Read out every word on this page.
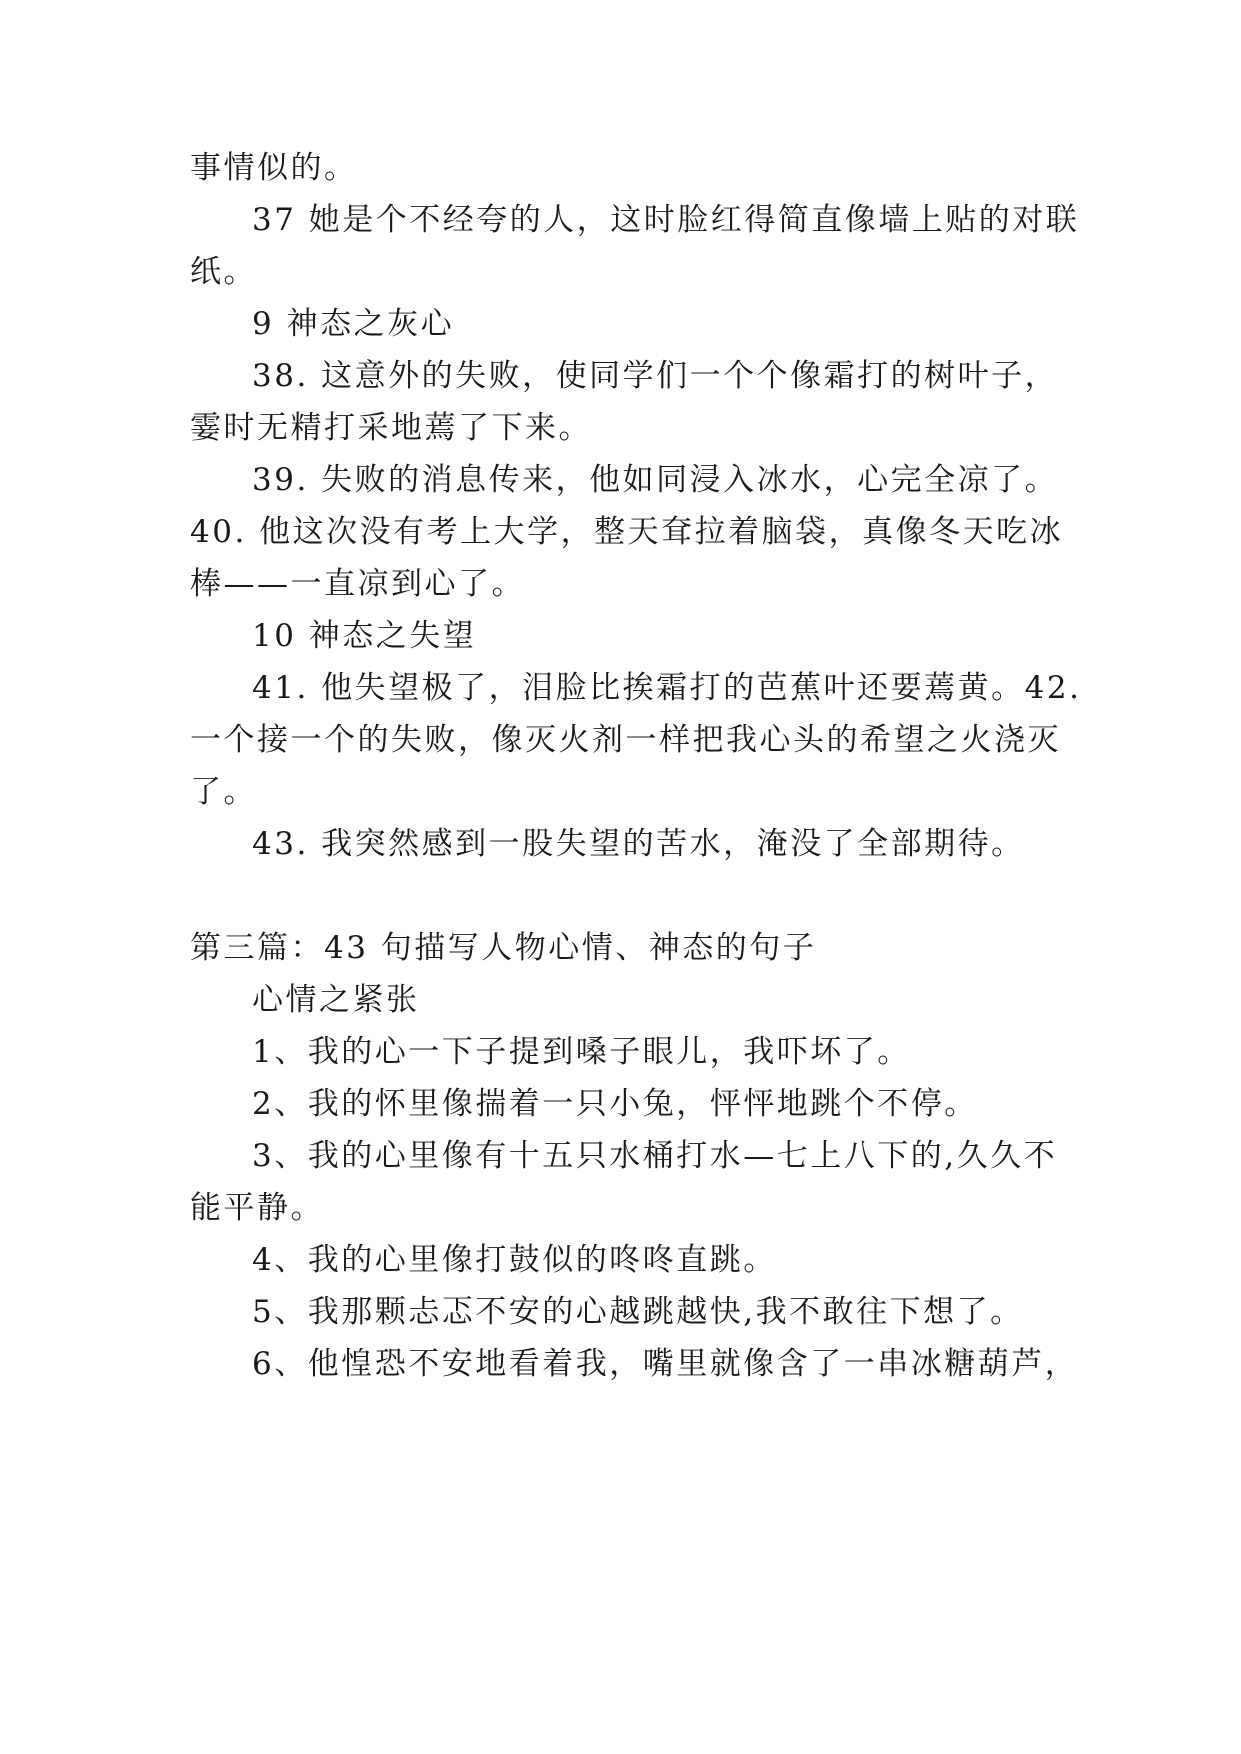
事情似的。

37 她是个不经夸的人，这时脸红得简直像墙上贴的对联

纸。

9 神态之灰心

38. 这意外的失败，使同学们一个个像霜打的树叶子，

霎时无精打采地蔫了下来。

39. 失败的消息传来，他如同浸入冰水，心完全凉了。

40. 他这次没有考上大学，整天耷拉着脑袋，真像冬天吃冰

棒——一直凉到心了。

10 神态之失望

41. 他失望极了，泪脸比挨霜打的芭蕉叶还要蔫黄。42.

一个接一个的失败，像灭火剂一样把我心头的希望之火浇灭

了。

43. 我突然感到一股失望的苦水，淹没了全部期待。

第三篇：43 句描写人物心情、神态的句子

心情之紧张

1、我的心一下子提到嗓子眼儿，我吓坏了。

2、我的怀里像揣着一只小兔，怦怦地跳个不停。

3、我的心里像有十五只水桶打水—七上八下的,久久不

能平静。

4、我的心里像打鼓似的咚咚直跳。

5、我那颗忐忑不安的心越跳越快,我不敢往下想了。

6、他惶恐不安地看着我，嘴里就像含了一串冰糖葫芦，
